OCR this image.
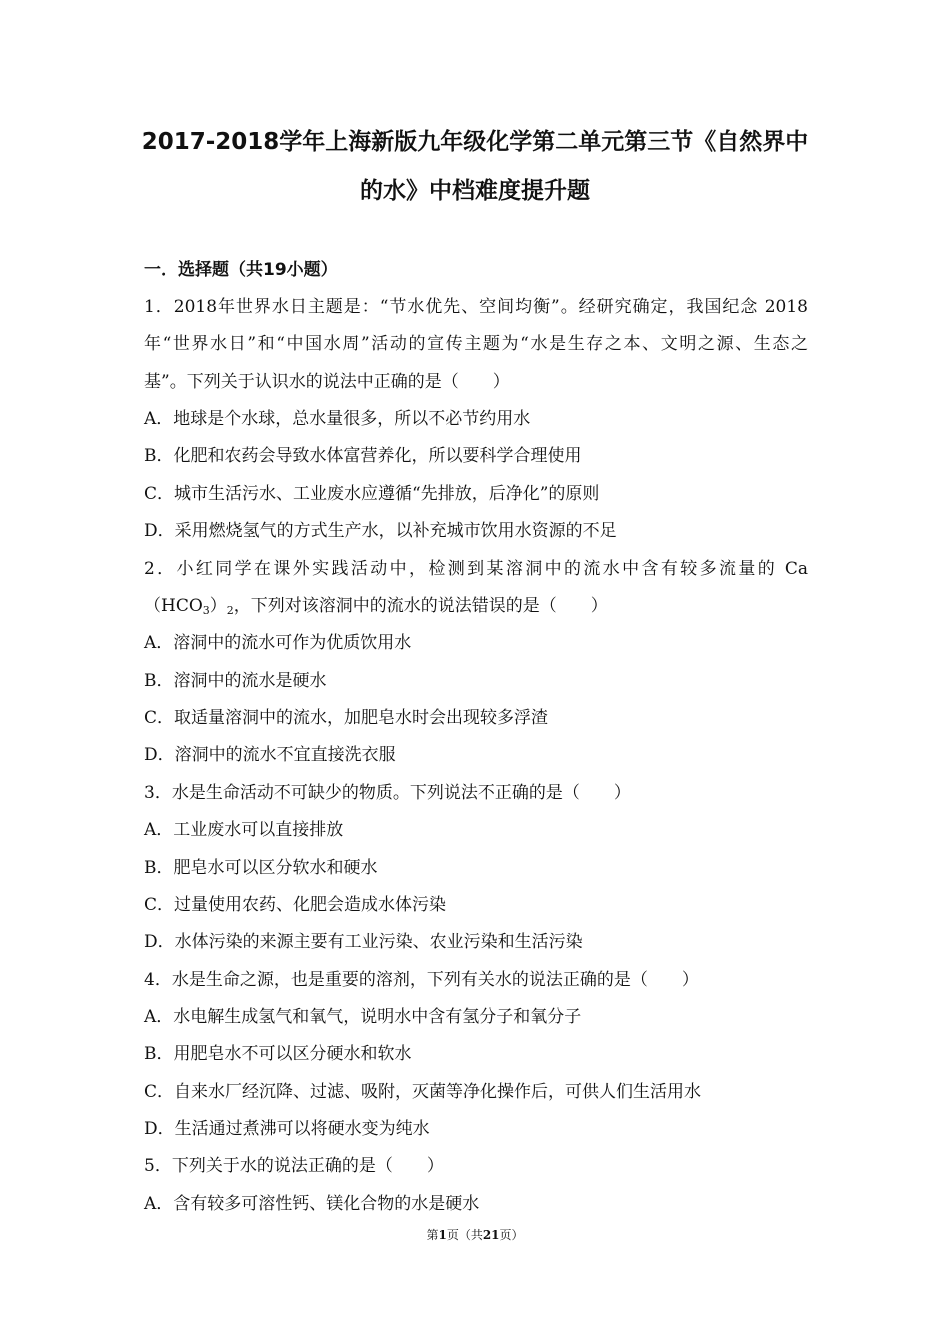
2017-2018学年上海新版九年级化学第二单元第三节《自然界中
的水》中档难度提升题
一．选择题（共19小题）

1．2018年世界水日主题是：“节水优先、空间均衡”。经研究确定，我国纪念 2018

年“世界水日”和“中国水周”活动的宣传主题为“水是生存之本、文明之源、生态之

基”。下列关于认识水的说法中正确的是（　　）

A．地球是个水球，总水量很多，所以不必节约用水

B．化肥和农药会导致水体富营养化，所以要科学合理使用

C．城市生活污水、工业废水应遵循“先排放，后净化”的原则

D．采用燃烧氢气的方式生产水，以补充城市饮用水资源的不足

2．小红同学在课外实践活动中，检测到某溶洞中的流水中含有较多流量的 Ca

$(HCO_3)_2$，下列对该溶洞中的流水的说法错误的是（　　）

A．溶洞中的流水可作为优质饮用水

B．溶洞中的流水是硬水

C．取适量溶洞中的流水，加肥皂水时会出现较多浮渣

D．溶洞中的流水不宜直接洗衣服

3．水是生命活动不可缺少的物质。下列说法不正确的是（　　）

A．工业废水可以直接排放

B．肥皂水可以区分软水和硬水

C．过量使用农药、化肥会造成水体污染

D．水体污染的来源主要有工业污染、农业污染和生活污染

4．水是生命之源，也是重要的溶剂，下列有关水的说法正确的是（　　）

A．水电解生成氢气和氧气，说明水中含有氢分子和氧分子

B．用肥皂水不可以区分硬水和软水

C．自来水厂经沉降、过滤、吸附，灭菌等净化操作后，可供人们生活用水

D．生活通过煮沸可以将硬水变为纯水

5．下列关于水的说法正确的是（　　）

A．含有较多可溶性钙、镁化合物的水是硬水

第1页（共21页）
